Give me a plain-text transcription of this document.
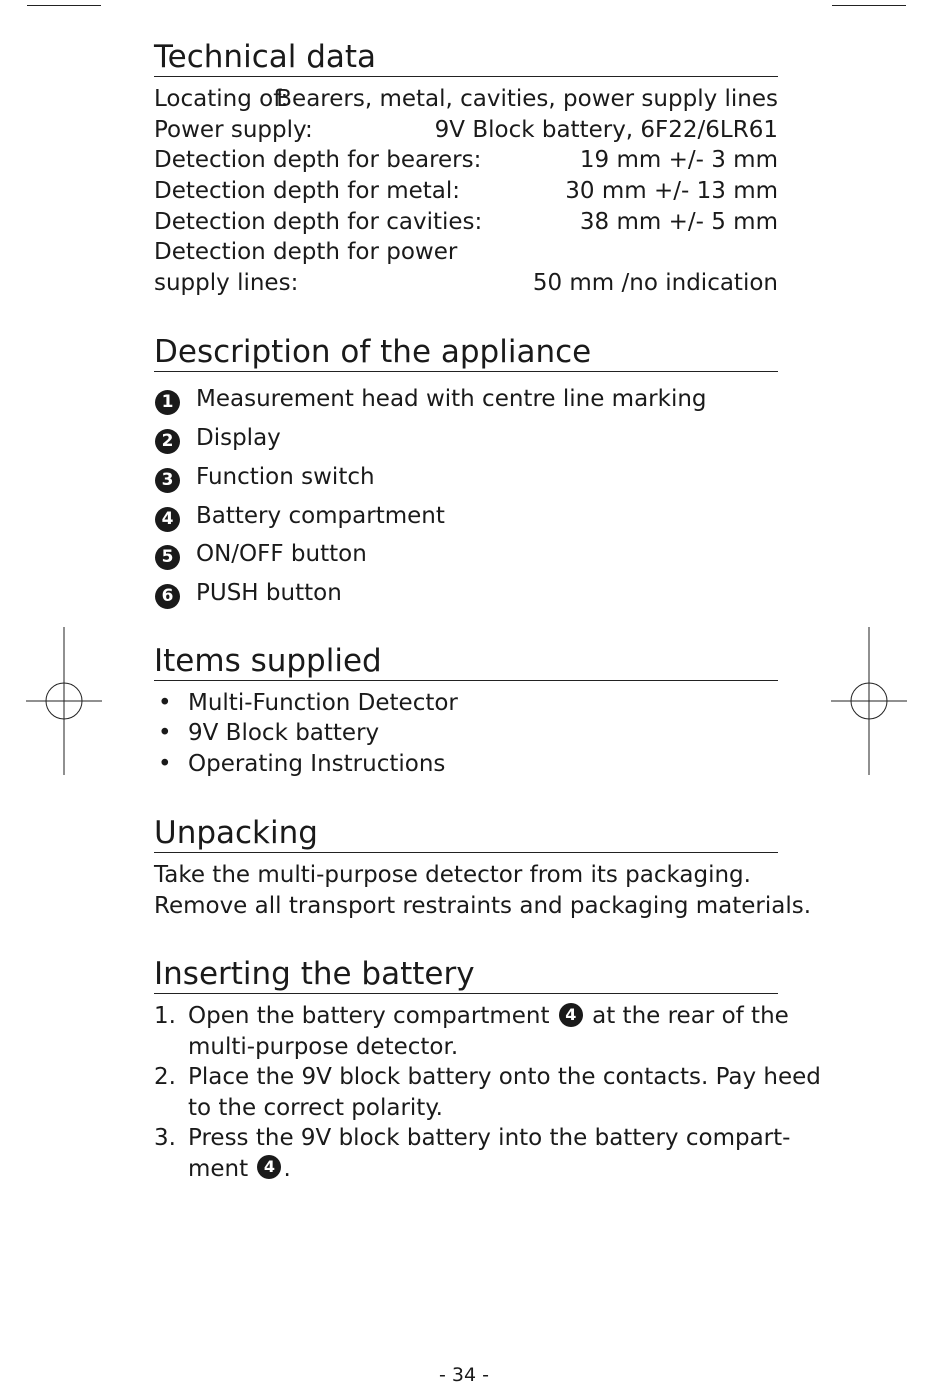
Technical data
Locating of:
Bearers, metal, cavities, power supply lines
Power supply:	9V Block battery, 6F22/6LR61
Detection depth for bearers:	19 mm +/- 3 mm
Detection depth for metal:	30 mm +/- 13 mm
Detection depth for cavities:	38 mm +/- 5 mm
Detection depth for power
supply lines:	50 mm /no indication
Description of the appliance
1 Measurement head with centre line marking
2 Display
3 Function switch
4 Battery compartment
5 ON/OFF button
6 PUSH button
Items supplied
• Multi-Function Detector
• 9V Block battery
• Operating Instructions
Unpacking
Take the multi-purpose detector from its packaging.
Remove all transport restraints and packaging materials.
Inserting the battery
1. Open the battery compartment 4 at the rear of the
multi-purpose detector.
2. Place the 9V block battery onto the contacts. Pay heed
to the correct polarity.
3. Press the 9V block battery into the battery compart-
ment 4 .
- 34 -
